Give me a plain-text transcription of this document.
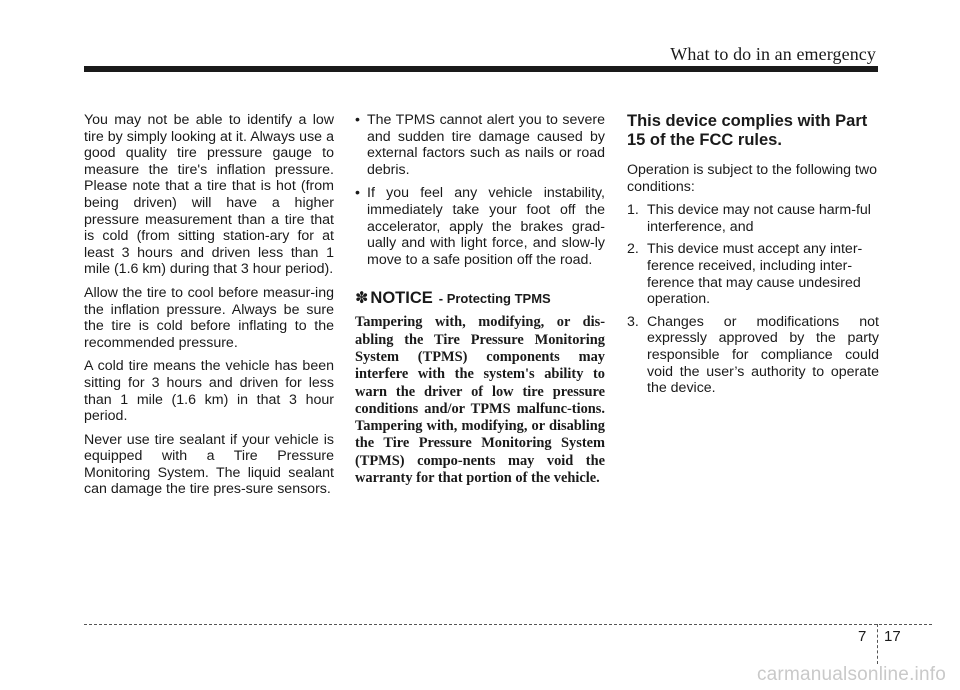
What to do in an emergency

You may not be able to identify a low tire by simply looking at it. Always use a good quality tire pressure gauge to measure the tire's inflation pressure. Please note that a tire that is hot (from being driven) will have a higher pressure measurement than a tire that is cold (from sitting station-ary for at least 3 hours and driven less than 1 mile (1.6 km) during that 3 hour period).

Allow the tire to cool before measur-ing the inflation pressure. Always be sure the tire is cold before inflating to the recommended pressure.

A cold tire means the vehicle has been sitting for 3 hours and driven for less than 1 mile (1.6 km) in that 3 hour period.

Never use tire sealant if your vehicle is equipped with a Tire Pressure Monitoring System. The liquid sealant can damage the tire pres-sure sensors.

• The TPMS cannot alert you to severe and sudden tire damage caused by external factors such as nails or road debris.
• If you feel any vehicle instability, immediately take your foot off the accelerator, apply the brakes grad-ually and with light force, and slow-ly move to a safe position off the road.
✽ NOTICE - Protecting TPMS

Tampering with, modifying, or dis-abling the Tire Pressure Monitoring System (TPMS) components may interfere with the system's ability to warn the driver of low tire pressure conditions and/or TPMS malfunc-tions. Tampering with, modifying, or disabling the Tire Pressure Monitoring System (TPMS) compo-nents may void the warranty for that portion of the vehicle.

This device complies with Part 15 of the FCC rules.

Operation is subject to the following two conditions:

1. This device may not cause harm-ful interference, and
2. This device must accept any inter-ference received, including inter-ference that may cause undesired operation.
3. Changes or modifications not expressly approved by the party responsible for compliance could void the user’s authority to operate the device.
7 17
carmanualsonline.info
